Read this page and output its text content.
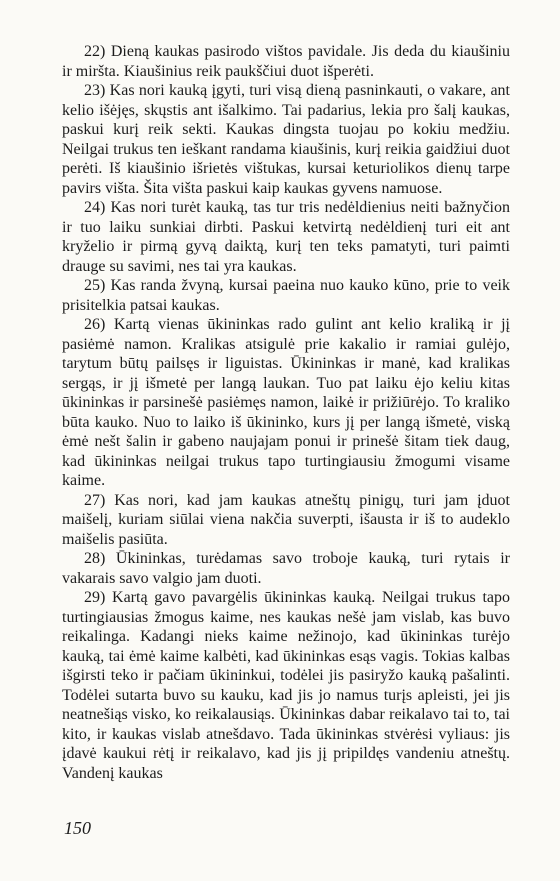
22) Dieną kaukas pasirodo vištos pavidale. Jis deda du kiaušiniu ir miršta. Kiaušinius reik paukščiui duot išperėti.

23) Kas nori kauką įgyti, turi visą dieną pasninkauti, o vakare, ant kelio išėjęs, skųstis ant išalkimo. Tai padarius, lekia pro šalį kaukas, paskui kurį reik sekti. Kaukas dingsta tuojau po kokiu medžiu. Neilgai trukus ten ieškant randama kiaušinis, kurį reikia gaidžiui duot perėti. Iš kiaušinio išrietės vištukas, kursai keturiolikos dienų tarpe pavirs višta. Šita višta paskui kaip kaukas gyvens namuose.

24) Kas nori turėt kauką, tas tur tris nedėldienius neiti bažnyčion ir tuo laiku sunkiai dirbti. Paskui ketvirtą nedėldienį turi eit ant kryželio ir pirmą gyvą daiktą, kurį ten teks pamatyti, turi paimti drauge su savimi, nes tai yra kaukas.

25) Kas randa žvyną, kursai paeina nuo kauko kūno, prie to veik prisitelkia patsai kaukas.

26) Kartą vienas ūkininkas rado gulint ant kelio kraliką ir jį pasiėmė namon. Kralikas atsigulė prie kakalio ir ramiai gulėjo, tarytum būtų pailsęs ir liguistas. Ūkininkas ir manė, kad kralikas sergąs, ir jį išmetė per langą laukan. Tuo pat laiku ėjo keliu kitas ūkininkas ir parsinešė pasiėmęs namon, laikė ir prižiūrėjo. To kraliko būta kauko. Nuo to laiko iš ūkininko, kurs jį per langą išmetė, viską ėmė nešt šalin ir gabeno naujajam ponui ir prinešė šitam tiek daug, kad ūkininkas neilgai trukus tapo turtingiausiu žmogumi visame kaime.

27) Kas nori, kad jam kaukas atneštų pinigų, turi jam įduot maišelį, kuriam siūlai viena nakčia suverpti, išausta ir iš to audeklo maišelis pasiūta.

28) Ūkininkas, turėdamas savo troboje kauką, turi rytais ir vakarais savo valgio jam duoti.

29) Kartą gavo pavargėlis ūkininkas kauką. Neilgai trukus tapo turtingiausias žmogus kaime, nes kaukas nešė jam vislab, kas buvo reikalinga. Kadangi nieks kaime nežinojo, kad ūkininkas turėjo kauką, tai ėmė kaime kalbėti, kad ūkininkas esąs vagis. Tokias kalbas išgirsti teko ir pačiam ūkininkui, todėlei jis pasiryžo kauką pašalinti. Todėlei sutarta buvo su kauku, kad jis jo namus turįs apleisti, jei jis neatnešiąs visko, ko reikalausiąs. Ūkininkas dabar reikalavo tai to, tai kito, ir kaukas vislab atnešdavo. Tada ūkininkas stvėrėsi vyliaus: jis įdavė kaukui rėtį ir reikalavo, kad jis jį pripildęs vandeniu atneštų. Vandenį kaukas

150
